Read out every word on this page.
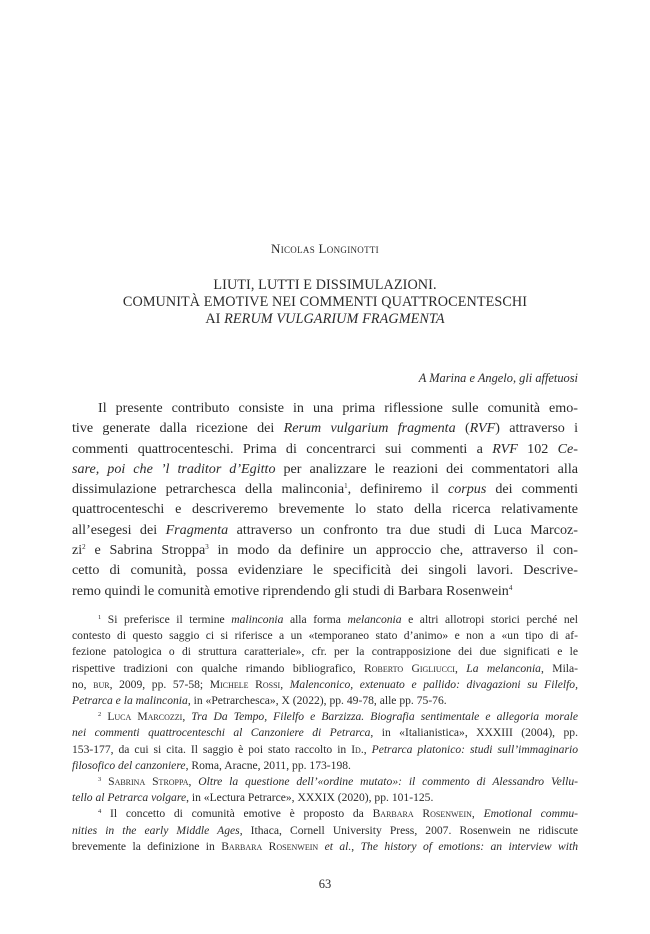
Nicolas Longinotti
LIUTI, LUTTI E DISSIMULAZIONI.
COMUNITÀ EMOTIVE NEI COMMENTI QUATTROCENTESCHI
AI RERUM VULGARIUM FRAGMENTA
A Marina e Angelo, gli affetuosi
Il presente contributo consiste in una prima riflessione sulle comunità emo-
tive generate dalla ricezione dei Rerum vulgarium fragmenta (RVF) attraverso i
commenti quattrocenteschi. Prima di concentrarci sui commenti a RVF 102 Ce-
sare, poi che ’l traditor d’Egitto per analizzare le reazioni dei commentatori alla
dissimulazione petrarchesca della malinconia$^1$, definiremo il corpus dei commenti
quattrocenteschi e descriveremo brevemente lo stato della ricerca relativamente
all’esegesi dei Fragmenta attraverso un confronto tra due studi di Luca Marcoz-
$zi^2$ e Sabrina Stroppa$^3$ in modo da definire un approccio che, attraverso il con-
cetto di comunità, possa evidenziare le specificità dei singoli lavori. Descrive-
remo quindi le comunità emotive riprendendo gli studi di Barbara Rosenwein$^4$
$^1$ Si preferisce il termine malinconia alla forma melanconia e altri allotropi storici perché nel
contesto di questo saggio ci si riferisce a un «temporaneo stato d’animo» e non a «un tipo di af-
fezione patologica o di struttura caratteriale», cfr. per la contrapposizione dei due significati e le
rispettive tradizioni con qualche rimando bibliografico, Roberto Gigliucci, La melanconia, Mila-
no, bur, 2009, pp. 57-58; Michele Rossi, Malenconico, extenuato e pallido: divagazioni su Filelfo,
Petrarca e la malinconia, in «Petrarchesca», X (2022), pp. 49-78, alle pp. 75-76.
$^2$ Luca Marcozzi, Tra Da Tempo, Filelfo e Barzizza. Biografia sentimentale e allegoria morale
nei commenti quattrocenteschi al Canzoniere di Petrarca, in «Italianistica», XXXIII (2004), pp.
153-177, da cui si cita. Il saggio è poi stato raccolto in Id., Petrarca platonico: studi sull’immaginario
filosofico del canzoniere, Roma, Aracne, 2011, pp. 173-198.
$^3$ Sabrina Stroppa, Oltre la questione dell’«ordine mutato»: il commento di Alessandro Vellu-
tello al Petrarca volgare, in «Lectura Petrarce», XXXIX (2020), pp. 101-125.
$^4$ Il concetto di comunità emotive è proposto da Barbara Rosenwein, Emotional commu-
nities in the early Middle Ages, Ithaca, Cornell University Press, 2007. Rosenwein ne ridiscute
brevemente la definizione in Barbara Rosenwein et al., The history of emotions: an interview with
63
